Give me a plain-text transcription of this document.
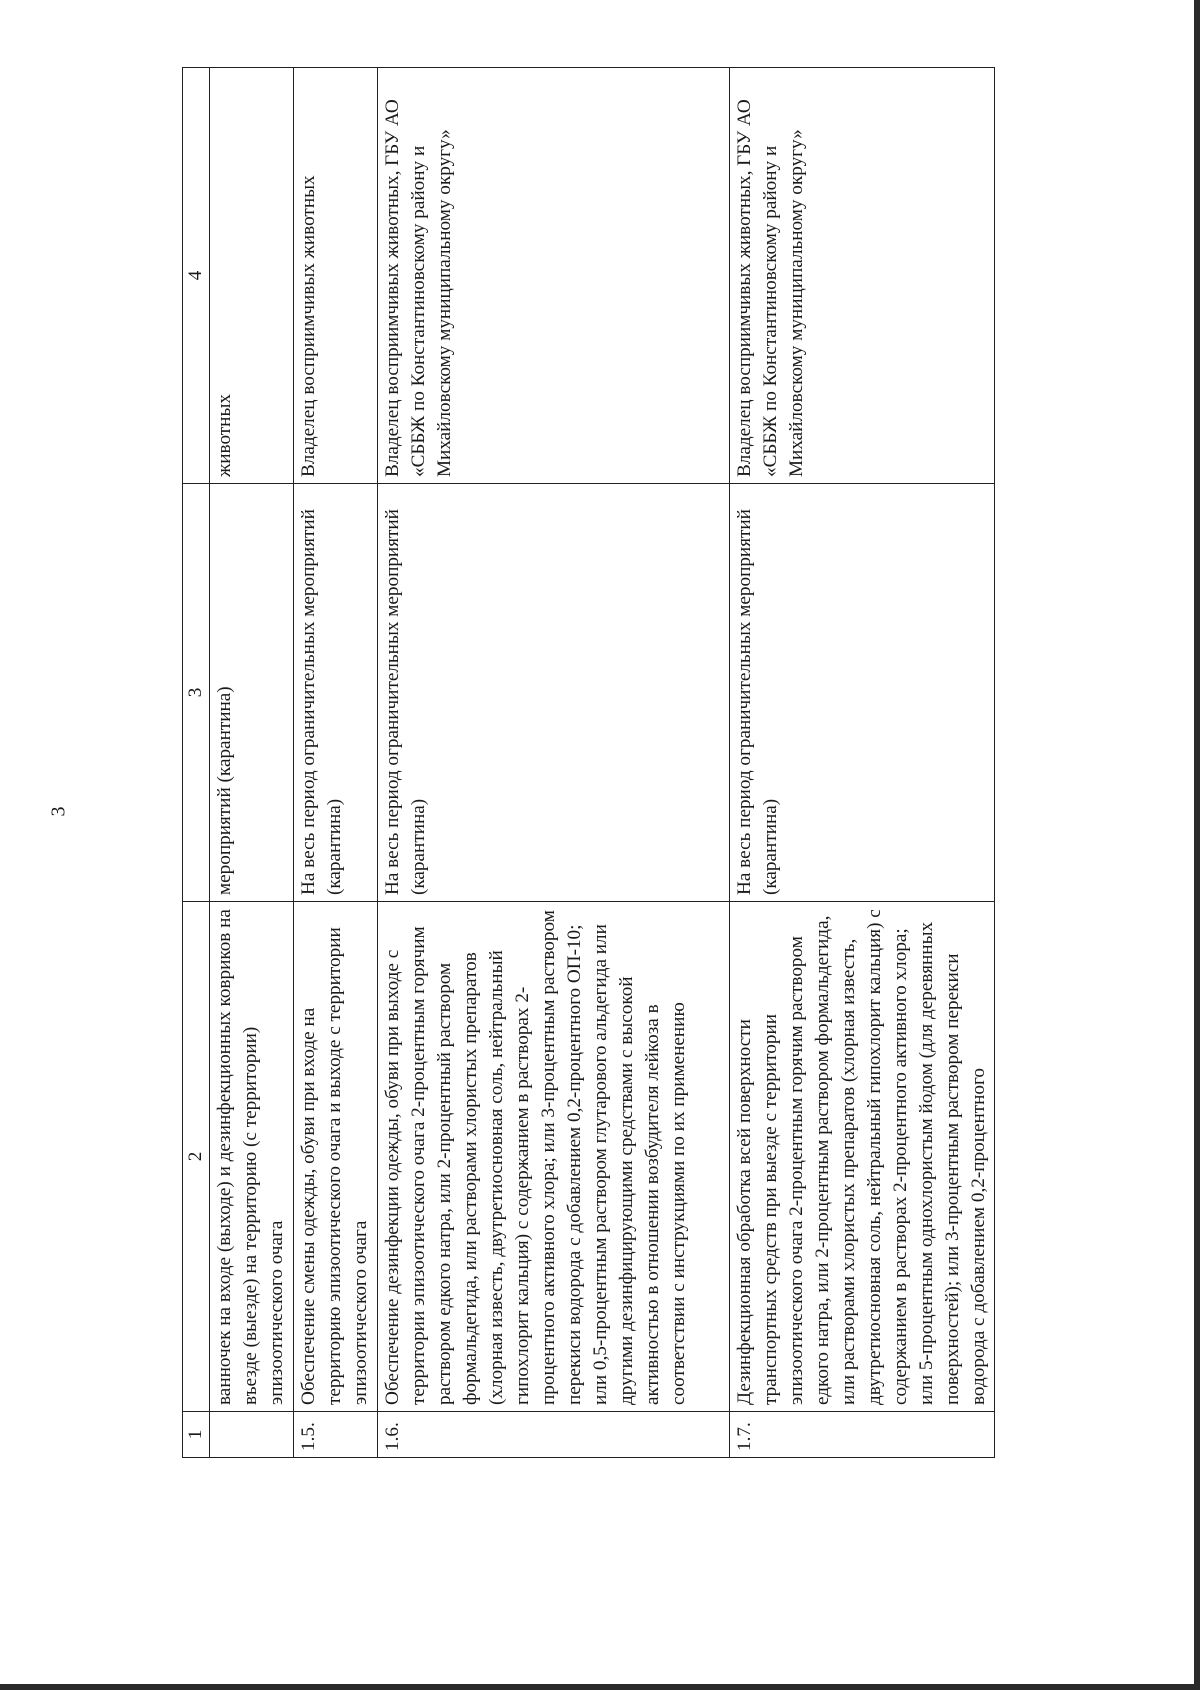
3
1	2	3	4
	ванночек на входе (выходе) и дезинфекционных ковриков на въезде (выезде) на территорию (с территории) эпизоотического очага	мероприятий (карантина)	животных
1.5.	Обеспечение смены одежды, обуви при входе на территорию эпизоотического очага и выходе с территории эпизоотического очага	На весь период ограничительных мероприятий (карантина)	Владелец восприимчивых животных
1.6.	Обеспечение дезинфекции одежды, обуви при выходе с территории эпизоотического очага 2-процентным горячим раствором едкого натра, или 2-процентный раствором формальдегида, или растворами хлористых препаратов (хлорная известь, двутретиосновная соль, нейтральный гипохлорит кальция) с содержанием в растворах 2-процентного активного хлора; или 3-процентным раствором перекиси водорода с добавлением 0,2-процентного ОП-10; или 0,5-процентным раствором глутарового альдегида или другими дезинфицирующими средствами с высокой активностью в отношении возбудителя лейкоза в соответствии с инструкциями по их применению	На весь период ограничительных мероприятий (карантина)	Владелец восприимчивых животных, ГБУ АО «СББЖ по Константиновскому району и Михайловскому муниципальному округу»
1.7.	Дезинфекционная обработка всей поверхности транспортных средств при выезде с территории эпизоотического очага 2-процентным горячим раствором едкого натра, или 2-процентным раствором формальдегида, или растворами хлористых препаратов (хлорная известь, двутретиосновная соль, нейтральный гипохлорит кальция) с содержанием в растворах 2-процентного активного хлора; или 5-процентным однохлористым йодом (для деревянных поверхностей); или 3-процентным раствором перекиси водорода с добавлением 0,2-процентного	На весь период ограничительных мероприятий (карантина)	Владелец восприимчивых животных, ГБУ АО «СББЖ по Константиновскому району и Михайловскому муниципальному округу»
